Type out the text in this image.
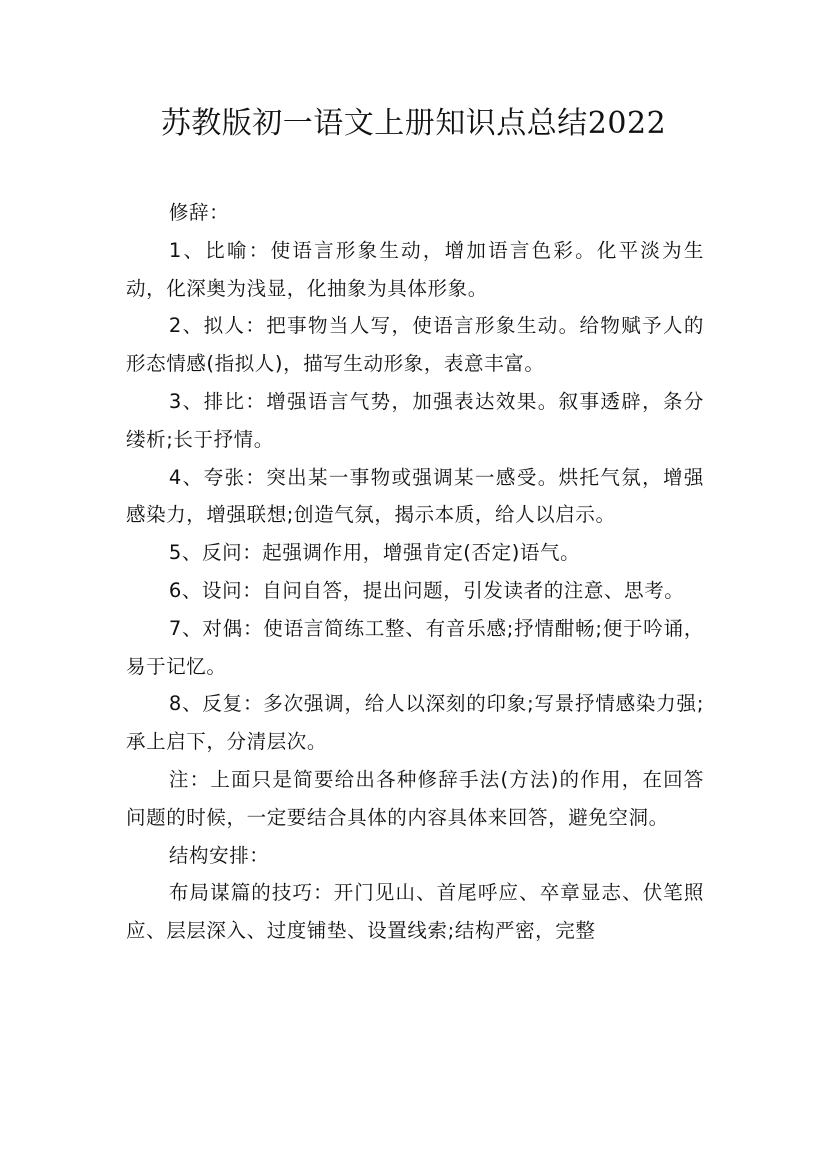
苏教版初一语文上册知识点总结2022

修辞：

1、比喻：使语言形象生动，增加语言色彩。化平淡为生动，化深奥为浅显，化抽象为具体形象。

2、拟人：把事物当人写，使语言形象生动。给物赋予人的形态情感(指拟人)，描写生动形象，表意丰富。

3、排比：增强语言气势，加强表达效果。叙事透辟，条分缕析;长于抒情。

4、夸张：突出某一事物或强调某一感受。烘托气氛，增强感染力，增强联想;创造气氛，揭示本质，给人以启示。

5、反问：起强调作用，增强肯定(否定)语气。

6、设问：自问自答，提出问题，引发读者的注意、思考。

7、对偶：使语言简练工整、有音乐感;抒情酣畅;便于吟诵，易于记忆。

8、反复：多次强调，给人以深刻的印象;写景抒情感染力强;承上启下，分清层次。

注：上面只是简要给出各种修辞手法(方法)的作用，在回答问题的时候，一定要结合具体的内容具体来回答，避免空洞。

结构安排：

布局谋篇的技巧：开门见山、首尾呼应、卒章显志、伏笔照应、层层深入、过度铺垫、设置线索;结构严密，完整
